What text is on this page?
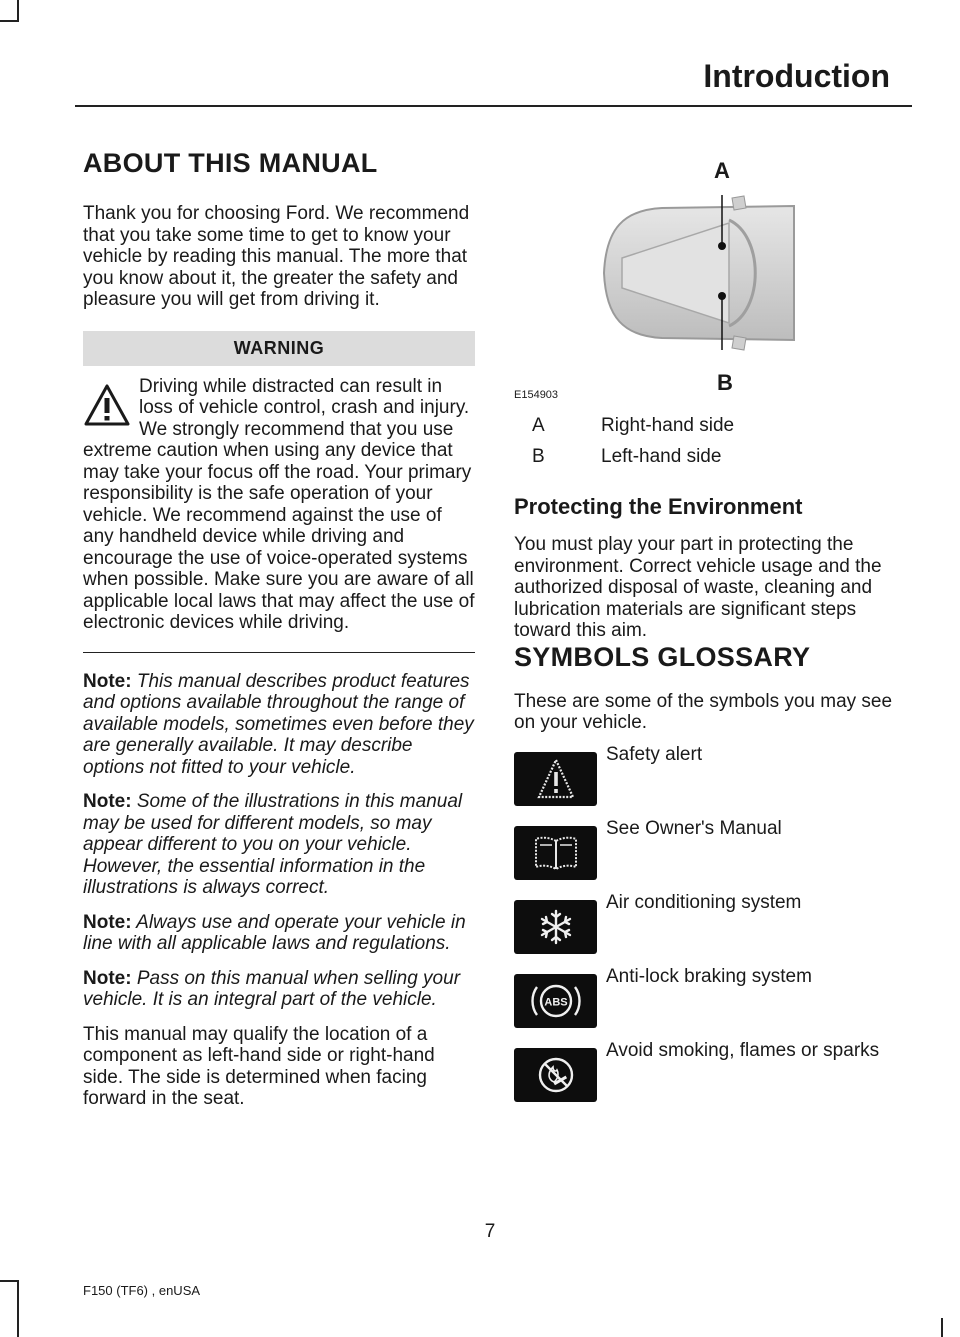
Introduction
ABOUT THIS MANUAL

Thank you for choosing Ford. We recommend that you take some time to get to know your vehicle by reading this manual. The more that you know about it, the greater the safety and pleasure you will get from driving it.

WARNING
Driving while distracted can result in loss of vehicle control, crash and injury. We strongly recommend that you use extreme caution when using any device that may take your focus off the road. Your primary responsibility is the safe operation of your vehicle. We recommend against the use of any handheld device while driving and encourage the use of voice-operated systems when possible. Make sure you are aware of all applicable local laws that may affect the use of electronic devices while driving.

Note: This manual describes product features and options available throughout the range of available models, sometimes even before they are generally available. It may describe options not fitted to your vehicle.

Note: Some of the illustrations in this manual may be used for different models, so may appear different to you on your vehicle. However, the essential information in the illustrations is always correct.

Note: Always use and operate your vehicle in line with all applicable laws and regulations.

Note: Pass on this manual when selling your vehicle. It is an integral part of the vehicle.

This manual may qualify the location of a component as left-hand side or right-hand side. The side is determined when facing forward in the seat.

A
B
E154903
A	Right-hand side
B	Left-hand side
Protecting the Environment

You must play your part in protecting the environment. Correct vehicle usage and the authorized disposal of waste, cleaning and lubrication materials are significant steps toward this aim.

SYMBOLS GLOSSARY

These are some of the symbols you may see on your vehicle.

Safety alert
See Owner's Manual
Air conditioning system
ABS
Anti-lock braking system
Avoid smoking, flames or sparks
7
F150 (TF6) , enUSA
